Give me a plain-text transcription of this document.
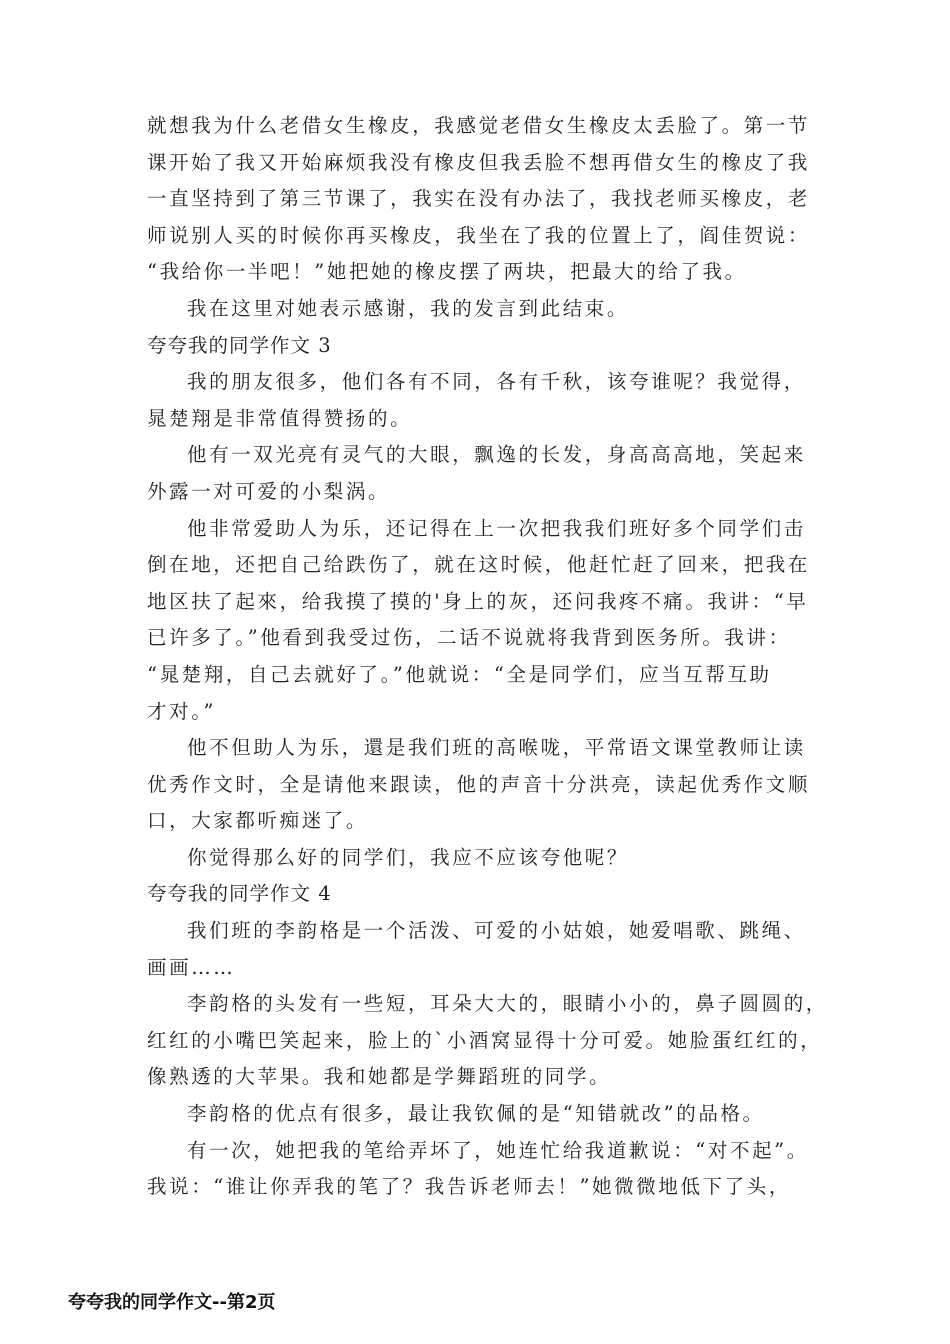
就想我为什么老借女生橡皮，我感觉老借女生橡皮太丢脸了。第一节
课开始了我又开始麻烦我没有橡皮但我丢脸不想再借女生的橡皮了我
一直坚持到了第三节课了，我实在没有办法了，我找老师买橡皮，老
师说别人买的时候你再买橡皮，我坐在了我的位置上了，阎佳贺说：
“我给你一半吧！”她把她的橡皮摆了两块，把最大的给了我。
我在这里对她表示感谢，我的发言到此结束。
夸夸我的同学作文 3
我的朋友很多，他们各有不同，各有千秋，该夸谁呢？我觉得，
晁楚翔是非常值得赞扬的。
他有一双光亮有灵气的大眼，飘逸的长发，身高高高地，笑起来
外露一对可爱的小梨涡。
他非常爱助人为乐，还记得在上一次把我我们班好多个同学们击
倒在地，还把自己给跌伤了，就在这时候，他赶忙赶了回来，把我在
地区扶了起來，给我摸了摸的'身上的灰，还问我疼不痛。我讲：“早
已许多了。”他看到我受过伤，二话不说就将我背到医务所。我讲：
“晁楚翔，自己去就好了。”他就说：“全是同学们，应当互帮互助
才对。”
他不但助人为乐，還是我们班的高喉咙，平常语文课堂教师让读
优秀作文时，全是请他来跟读，他的声音十分洪亮，读起优秀作文顺
口，大家都听痴迷了。
你觉得那么好的同学们，我应不应该夸他呢？
夸夸我的同学作文 4
我们班的李韵格是一个活泼、可爱的小姑娘，她爱唱歌、跳绳、
画画……
李韵格的头发有一些短，耳朵大大的，眼睛小小的，鼻子圆圆的，
红红的小嘴巴笑起来，脸上的`小酒窝显得十分可爱。她脸蛋红红的，
像熟透的大苹果。我和她都是学舞蹈班的同学。
李韵格的优点有很多，最让我钦佩的是“知错就改”的品格。
有一次，她把我的笔给弄坏了，她连忙给我道歉说：“对不起”。
我说：“谁让你弄我的笔了？我告诉老师去！”她微微地低下了头，
夸夸我的同学作文--第2页
